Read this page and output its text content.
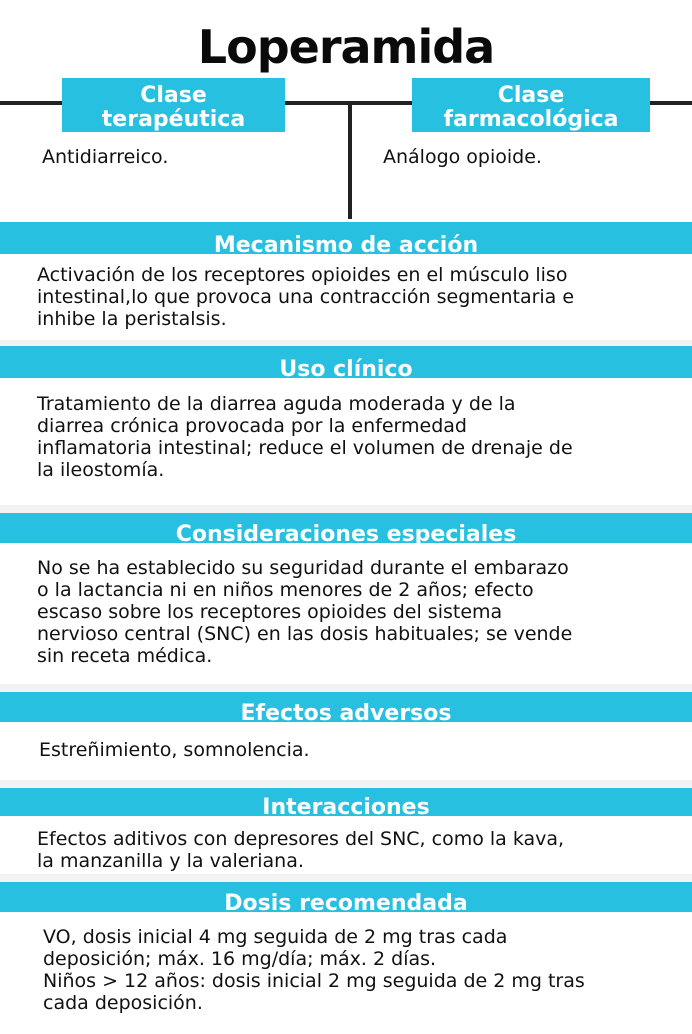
Loperamida
Clase
terapéutica
Antidiarreico.
Clase
farmacológica
Análogo opioide.
Mecanismo de acción
Activación de los receptores opioides en el músculo liso
intestinal,lo que provoca una contracción segmentaria e
inhibe la peristalsis.
Uso clínico
Tratamiento de la diarrea aguda moderada y de la
diarrea crónica provocada por la enfermedad
inflamatoria intestinal; reduce el volumen de drenaje de
la ileostomía.
Consideraciones especiales
No se ha establecido su seguridad durante el embarazo
o la lactancia ni en niños menores de 2 años; efecto
escaso sobre los receptores opioides del sistema
nervioso central (SNC) en las dosis habituales; se vende
sin receta médica.
Efectos adversos
Estreñimiento, somnolencia.
Interacciones
Efectos aditivos con depresores del SNC, como la kava,
la manzanilla y la valeriana.
Dosis recomendada
VO, dosis inicial 4 mg seguida de 2 mg tras cada
deposición; máx. 16 mg/día; máx. 2 días.
Niños > 12 años: dosis inicial 2 mg seguida de 2 mg tras
cada deposición.
